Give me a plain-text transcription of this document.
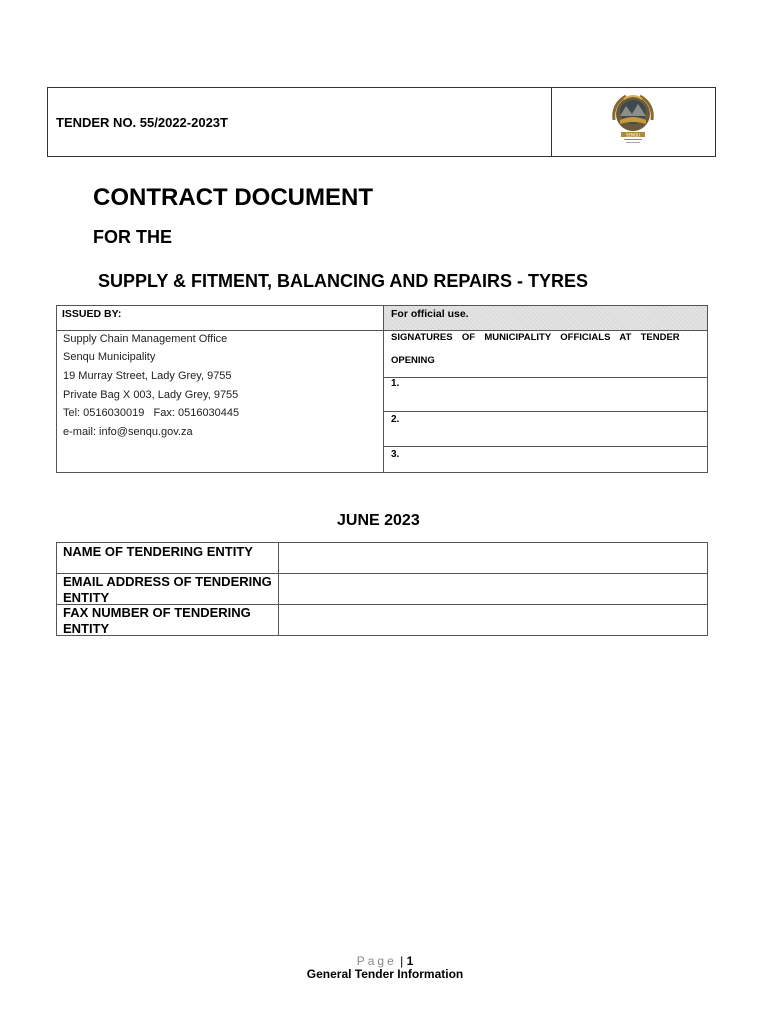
TENDER NO. 55/2022-2023T
SENQU
CONTRACT DOCUMENT
FOR THE
SUPPLY & FITMENT, BALANCING AND REPAIRS - TYRES
ISSUED BY:	For official use.
Supply Chain Management Office
Senqu Municipality
19 Murray Street, Lady Grey, 9755
Private Bag X 003, Lady Grey, 9755
Tel: 0516030019   Fax: 0516030445
e-mail: info@senqu.gov.za
SIGNATURES  OF  MUNICIPALITY  OFFICIALS  AT  TENDER
OPENING
1.
2.
3.
JUNE 2023
NAME OF TENDERING ENTITY
EMAIL ADDRESS OF TENDERING ENTITY
FAX NUMBER OF TENDERING ENTITY
Page | 1
General Tender Information
